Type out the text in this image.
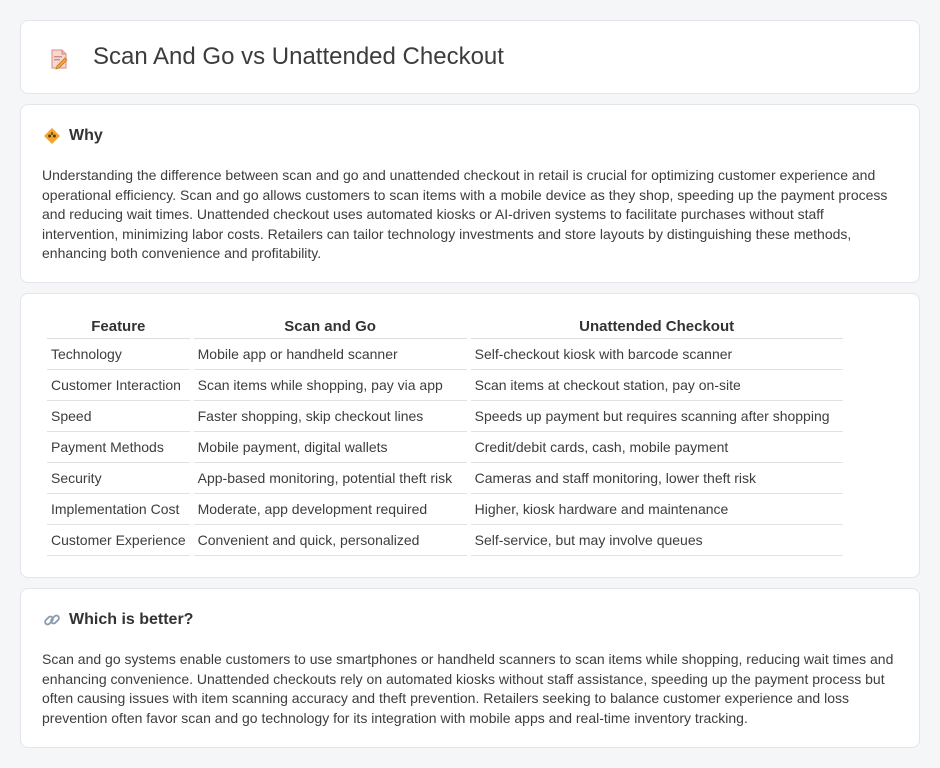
Scan And Go vs Unattended Checkout
Why

Understanding the difference between scan and go and unattended checkout in retail is crucial for optimizing customer experience and operational efficiency. Scan and go allows customers to scan items with a mobile device as they shop, speeding up the payment process and reducing wait times. Unattended checkout uses automated kiosks or AI-driven systems to facilitate purchases without staff intervention, minimizing labor costs. Retailers can tailor technology investments and store layouts by distinguishing these methods, enhancing both convenience and profitability.

Feature	Scan and Go	Unattended Checkout
Technology	Mobile app or handheld scanner	Self-checkout kiosk with barcode scanner
Customer Interaction	Scan items while shopping, pay via app	Scan items at checkout station, pay on-site
Speed	Faster shopping, skip checkout lines	Speeds up payment but requires scanning after shopping
Payment Methods	Mobile payment, digital wallets	Credit/debit cards, cash, mobile payment
Security	App-based monitoring, potential theft risk	Cameras and staff monitoring, lower theft risk
Implementation Cost	Moderate, app development required	Higher, kiosk hardware and maintenance
Customer Experience	Convenient and quick, personalized	Self-service, but may involve queues
Which is better?

Scan and go systems enable customers to use smartphones or handheld scanners to scan items while shopping, reducing wait times and enhancing convenience. Unattended checkouts rely on automated kiosks without staff assistance, speeding up the payment process but often causing issues with item scanning accuracy and theft prevention. Retailers seeking to balance customer experience and loss prevention often favor scan and go technology for its integration with mobile apps and real-time inventory tracking.
